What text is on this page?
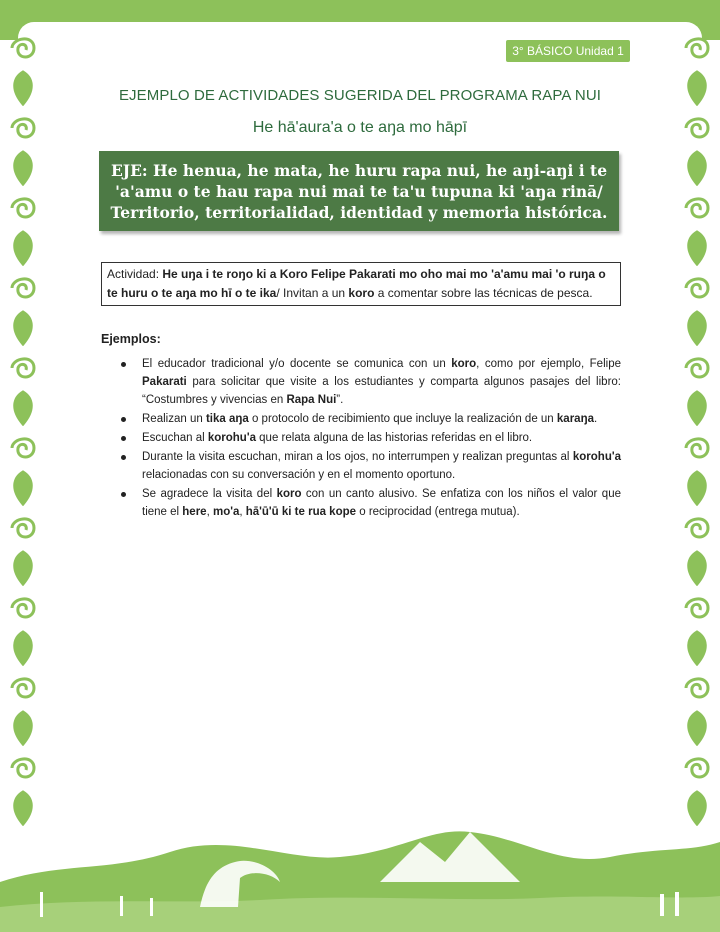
3° BÁSICO Unidad 1
EJEMPLO DE ACTIVIDADES SUGERIDA DEL PROGRAMA RAPA NUI
He hā'aura'a o te aŋa mo hāpī
EJE: He henua, he mata, he huru rapa nui, he aŋi-aŋi i te 'a'amu o te hau rapa nui mai te ta'u tupuna ki 'aŋa rinā/ Territorio, territorialidad, identidad y memoria histórica.
Actividad: He uŋa i te roŋo ki a Koro Felipe Pakarati mo oho mai mo 'a'amu mai 'o ruŋa o te huru o te aŋa mo hī o te ika/ Invitan a un koro a comentar sobre las técnicas de pesca.
Ejemplos:
El educador tradicional y/o docente se comunica con un koro, como por ejemplo, Felipe Pakarati para solicitar que visite a los estudiantes y comparta algunos pasajes del libro: “Costumbres y vivencias en Rapa Nui”.
Realizan un tika aŋa o protocolo de recibimiento que incluye la realización de un karaŋa.
Escuchan al korohu'a que relata alguna de las historias referidas en el libro.
Durante la visita escuchan, miran a los ojos, no interrumpen y realizan preguntas al korohu'a relacionadas con su conversación y en el momento oportuno.
Se agradece la visita del koro con un canto alusivo. Se enfatiza con los niños el valor que tiene el here, mo'a, hā'ū'ū ki te rua kope o reciprocidad (entrega mutua).
